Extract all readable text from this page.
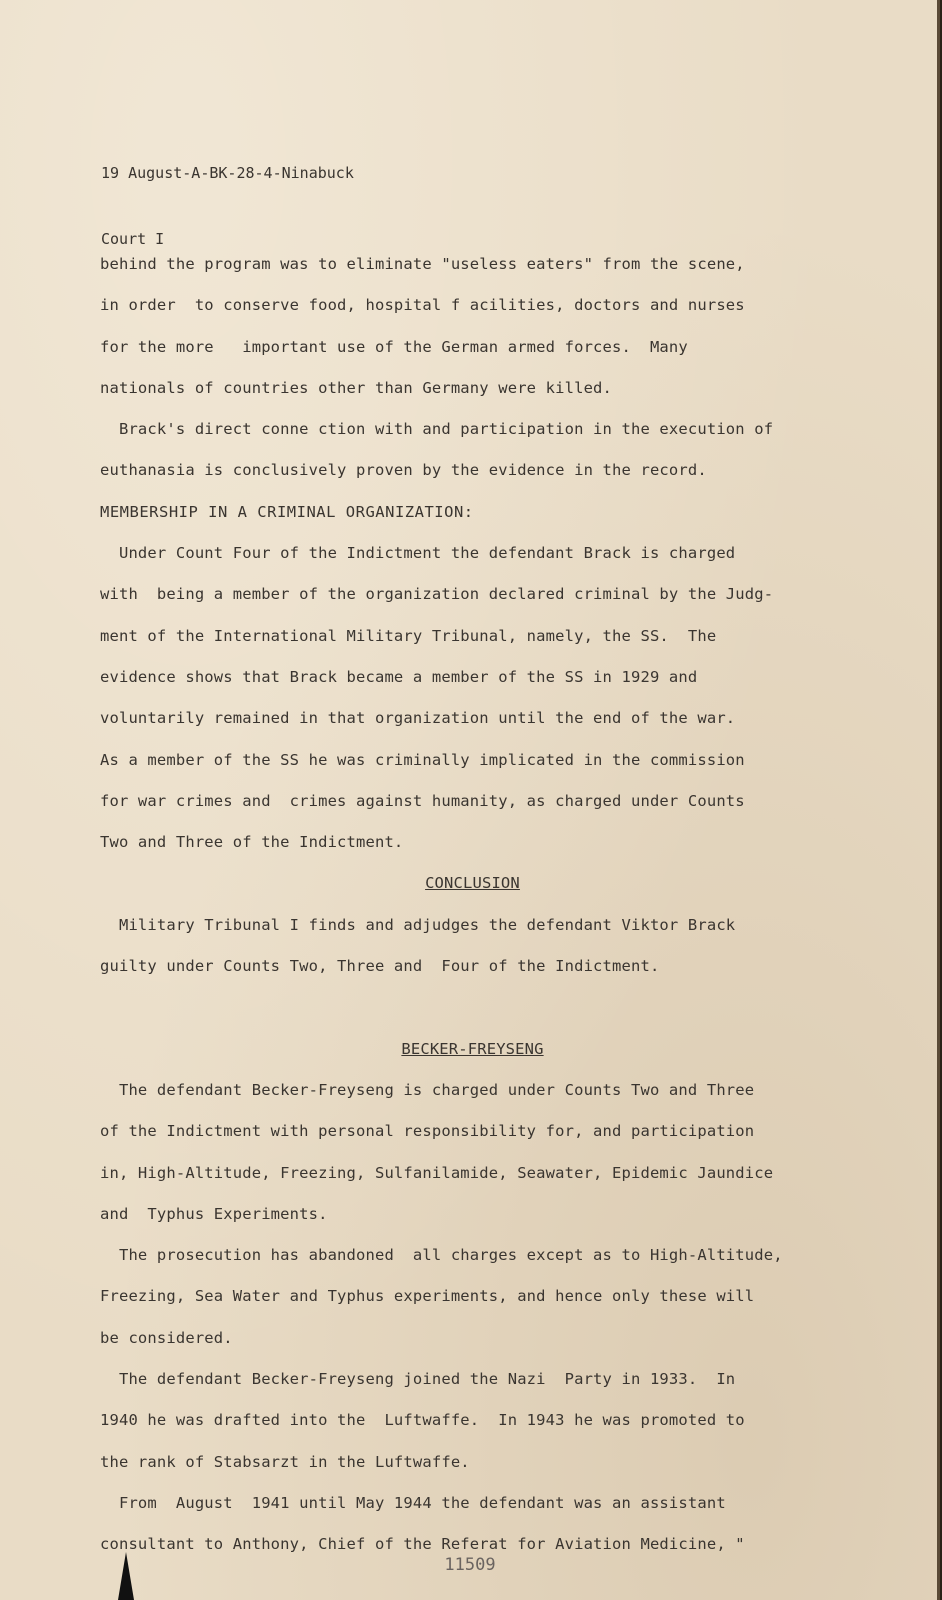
19 August-A-BK-28-4-Ninabuck

Court I

behind the program was to eliminate "useless eaters" from the scene,
in order  to conserve food, hospital f acilities, doctors and nurses
for the more   important use of the German armed forces.  Many
nationals of countries other than Germany were killed.
Brack's direct conne ction with and participation in the execution of
euthanasia is conclusively proven by the evidence in the record.
MEMBERSHIP IN A CRIMINAL ORGANIZATION:
Under Count Four of the Indictment the defendant Brack is charged
with  being a member of the organization declared criminal by the Judg-
ment of the International Military Tribunal, namely, the SS.  The
evidence shows that Brack became a member of the SS in 1929 and
voluntarily remained in that organization until the end of the war.
As a member of the SS he was criminally implicated in the commission
for war crimes and  crimes against humanity, as charged under Counts
Two and Three of the Indictment.
CONCLUSION
Military Tribunal I finds and adjudges the defendant Viktor Brack
guilty under Counts Two, Three and  Four of the Indictment.
BECKER-FREYSENG
The defendant Becker-Freyseng is charged under Counts Two and Three
of the Indictment with personal responsibility for, and participation
in, High-Altitude, Freezing, Sulfanilamide, Seawater, Epidemic Jaundice
and  Typhus Experiments.
The prosecution has abandoned  all charges except as to High-Altitude,
Freezing, Sea Water and Typhus experiments, and hence only these will
be considered.
The defendant Becker-Freyseng joined the Nazi  Party in 1933.  In
1940 he was drafted into the  Luftwaffe.  In 1943 he was promoted to
the rank of Stabsarzt in the Luftwaffe.
From  August  1941 until May 1944 the defendant was an assistant
consultant to Anthony, Chief of the Referat for Aviation Medicine, "
11509
